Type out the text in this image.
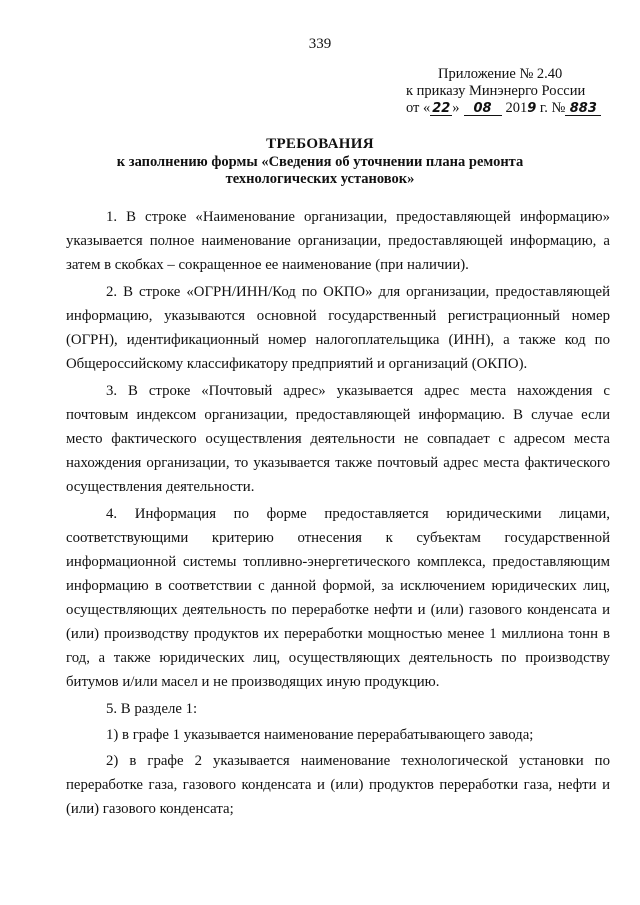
339
Приложение № 2.40
к приказу Минэнерго России
от « 22 » 08 2019 г. № 883
ТРЕБОВАНИЯ
к заполнению формы «Сведения об уточнении плана ремонта
технологических установок»

1. В строке «Наименование организации, предоставляющей информацию» указывается полное наименование организации, предоставляющей информацию, а затем в скобках – сокращенное ее наименование (при наличии).

2. В строке «ОГРН/ИНН/Код по ОКПО» для организации, предоставляющей информацию, указываются основной государственный регистрационный номер (ОГРН), идентификационный номер налогоплательщика (ИНН), а также код по Общероссийскому классификатору предприятий и организаций (ОКПО).

3. В строке «Почтовый адрес» указывается адрес места нахождения с почтовым индексом организации, предоставляющей информацию. В случае если место фактического осуществления деятельности не совпадает с адресом места нахождения организации, то указывается также почтовый адрес места фактического осуществления деятельности.

4. Информация по форме предоставляется юридическими лицами, соответствующими критерию отнесения к субъектам государственной информационной системы топливно-энергетического комплекса, предоставляющим информацию в соответствии с данной формой, за исключением юридических лиц, осуществляющих деятельность по переработке нефти и (или) газового конденсата и (или) производству продуктов их переработки мощностью менее 1 миллиона тонн в год, а также юридических лиц, осуществляющих деятельность по производству битумов и/или масел и не производящих иную продукцию.

5. В разделе 1:

1) в графе 1 указывается наименование перерабатывающего завода;

2) в графе 2 указывается наименование технологической установки по переработке газа, газового конденсата и (или) продуктов переработки газа, нефти и (или) газового конденсата;
